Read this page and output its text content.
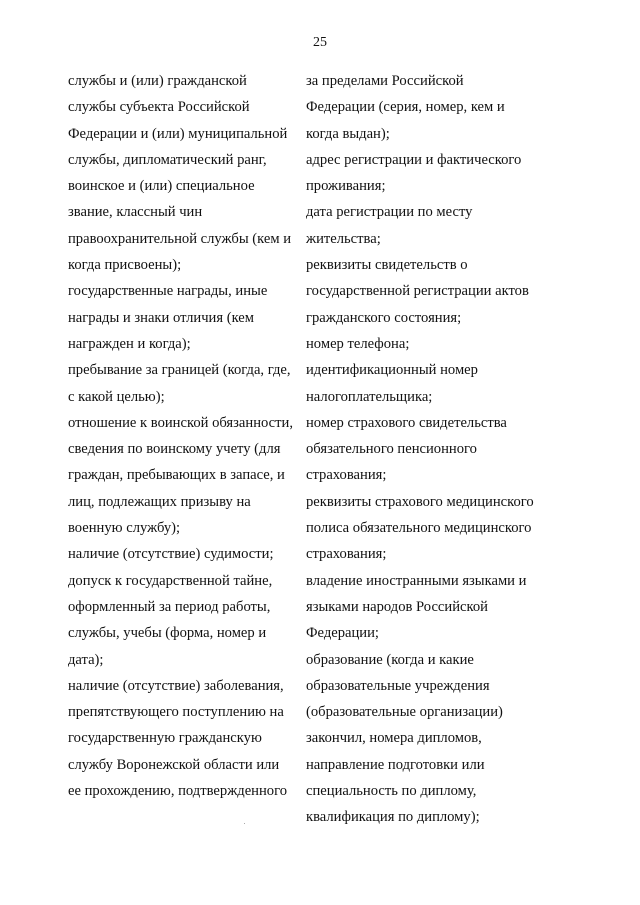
25
службы и (или) гражданской
службы субъекта Российской
Федерации и (или) муниципальной
службы, дипломатический ранг,
воинское и (или) специальное
звание, классный чин
правоохранительной службы (кем и
когда присвоены);
государственные награды, иные
награды и знаки отличия (кем
награжден и когда);
пребывание за границей (когда, где,
с какой целью);
отношение к воинской обязанности,
сведения по воинскому учету (для
граждан, пребывающих в запасе, и
лиц, подлежащих призыву на
военную службу);
наличие (отсутствие) судимости;
допуск к государственной тайне,
оформленный за период работы,
службы, учебы (форма, номер и
дата);
наличие (отсутствие) заболевания,
препятствующего поступлению на
государственную гражданскую
службу Воронежской области или
ее прохождению, подтвержденного
за пределами Российской
Федерации (серия, номер, кем и
когда выдан);
адрес регистрации и фактического
проживания;
дата регистрации по месту
жительства;
реквизиты свидетельств о
государственной регистрации актов
гражданского состояния;
номер телефона;
идентификационный номер
налогоплательщика;
номер страхового свидетельства
обязательного пенсионного
страхования;
реквизиты страхового медицинского
полиса обязательного медицинского
страхования;
владение иностранными языками и
языками народов Российской
Федерации;
образование (когда и какие
образовательные учреждения
(образовательные организации)
закончил, номера дипломов,
направление подготовки или
специальность по диплому,
квалификация по диплому);
